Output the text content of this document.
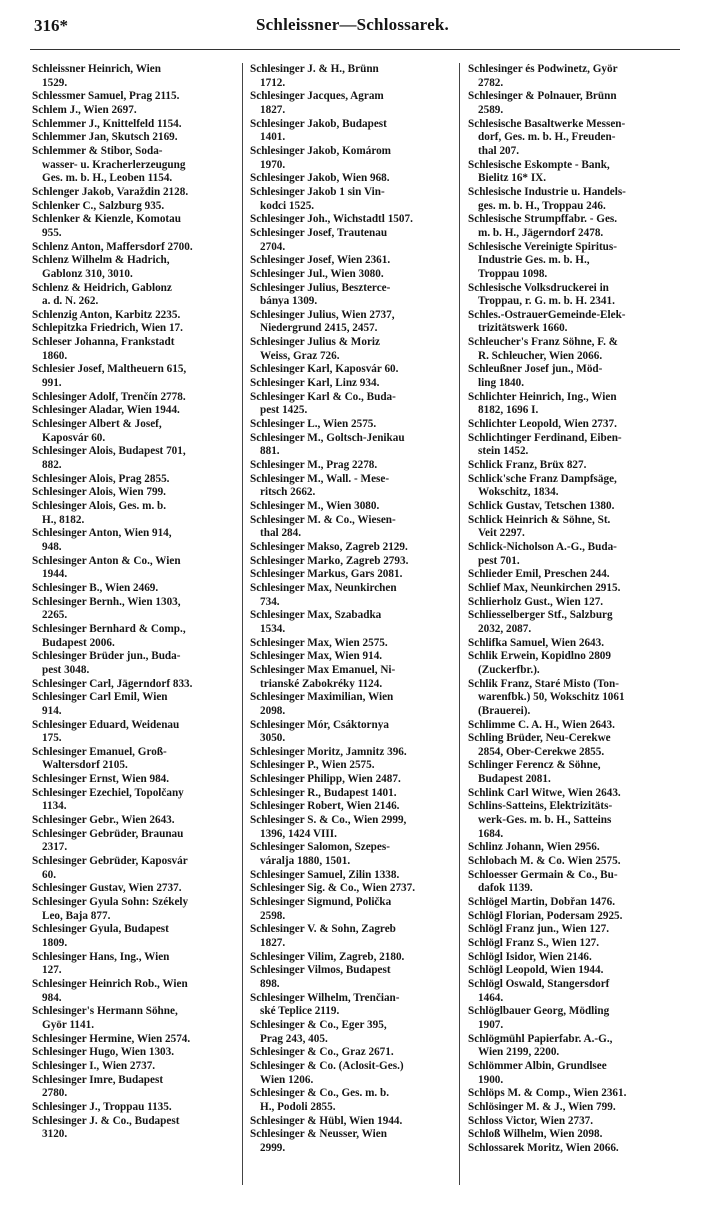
316*	Schleissner—Schlossarek.
Schleissner Heinrich, Wien
1529.
Schlessmer Samuel, Prag 2115.
Schlem J., Wien 2697.
Schlemmer J., Knittelfeld 1154.
Schlemmer Jan, Skutsch 2169.
Schlemmer & Stibor, Soda-
wasser- u. Kracherlerzeugung
Ges. m. b. H., Leoben 1154.
Schlenger Jakob, Varaždin 2128.
Schlenker C., Salzburg 935.
Schlenker & Kienzle, Komotau
955.
Schlenz Anton, Maffersdorf 2700.
Schlenz Wilhelm & Hadrich,
Gablonz 310, 3010.
Schlenz & Heidrich, Gablonz
a. d. N. 262.
Schlenzig Anton, Karbitz 2235.
Schlepitzka Friedrich, Wien 17.
Schleser Johanna, Frankstadt
1860.
Schlesier Josef, Maltheuern 615,
991.
Schlesinger Adolf, Trenčín 2778.
Schlesinger Aladar, Wien 1944.
Schlesinger Albert & Josef,
Kaposvár 60.
Schlesinger Alois, Budapest 701,
882.
Schlesinger Alois, Prag 2855.
Schlesinger Alois, Wien 799.
Schlesinger Alois, Ges. m. b.
H., 8182.
Schlesinger Anton, Wien 914,
948.
Schlesinger Anton & Co., Wien
1944.
Schlesinger B., Wien 2469.
Schlesinger Bernh., Wien 1303,
2265.
Schlesinger Bernhard & Comp.,
Budapest 2006.
Schlesinger Brüder jun., Buda-
pest 3048.
Schlesinger Carl, Jägerndorf 833.
Schlesinger Carl Emil, Wien
914.
Schlesinger Eduard, Weidenau
175.
Schlesinger Emanuel, Groß-
Waltersdorf 2105.
Schlesinger Ernst, Wien 984.
Schlesinger Ezechiel, Topolčany
1134.
Schlesinger Gebr., Wien 2643.
Schlesinger Gebrüder, Braunau
2317.
Schlesinger Gebrüder, Kaposvár
60.
Schlesinger Gustav, Wien 2737.
Schlesinger Gyula Sohn: Székely
Leo, Baja 877.
Schlesinger Gyula, Budapest
1809.
Schlesinger Hans, Ing., Wien
127.
Schlesinger Heinrich Rob., Wien
984.
Schlesinger's Hermann Söhne,
Györ 1141.
Schlesinger Hermine, Wien 2574.
Schlesinger Hugo, Wien 1303.
Schlesinger I., Wien 2737.
Schlesinger Imre, Budapest
2780.
Schlesinger J., Troppau 1135.
Schlesinger J. & Co., Budapest
3120.
Schlesinger J. & H., Brünn
1712.
Schlesinger Jacques, Agram
1827.
Schlesinger Jakob, Budapest
1401.
Schlesinger Jakob, Komárom
1970.
Schlesinger Jakob, Wien 968.
Schlesinger Jakob 1 sin Vin-
kodci 1525.
Schlesinger Joh., Wichstadtl 1507.
Schlesinger Josef, Trautenau
2704.
Schlesinger Josef, Wien 2361.
Schlesinger Jul., Wien 3080.
Schlesinger Julius, Beszterce-
bánya 1309.
Schlesinger Julius, Wien 2737,
Niedergrund 2415, 2457.
Schlesinger Julius & Moriz
Weiss, Graz 726.
Schlesinger Karl, Kaposvár 60.
Schlesinger Karl, Linz 934.
Schlesinger Karl & Co., Buda-
pest 1425.
Schlesinger L., Wien 2575.
Schlesinger M., Goltsch-Jenikau
881.
Schlesinger M., Prag 2278.
Schlesinger M., Wall. - Mese-
ritsch 2662.
Schlesinger M., Wien 3080.
Schlesinger M. & Co., Wiesen-
thal 284.
Schlesinger Makso, Zagreb 2129.
Schlesinger Marko, Zagreb 2793.
Schlesinger Markus, Gars 2081.
Schlesinger Max, Neunkirchen
734.
Schlesinger Max, Szabadka
1534.
Schlesinger Max, Wien 2575.
Schlesinger Max, Wien 914.
Schlesinger Max Emanuel, Ni-
trianské Zabokréky 1124.
Schlesinger Maximilian, Wien
2098.
Schlesinger Mór, Csáktornya
3050.
Schlesinger Moritz, Jamnitz 396.
Schlesinger P., Wien 2575.
Schlesinger Philipp, Wien 2487.
Schlesinger R., Budapest 1401.
Schlesinger Robert, Wien 2146.
Schlesinger S. & Co., Wien 2999,
1396, 1424 VIII.
Schlesinger Salomon, Szepes-
váralja 1880, 1501.
Schlesinger Samuel, Zilin 1338.
Schlesinger Sig. & Co., Wien 2737.
Schlesinger Sigmund, Polička
2598.
Schlesinger V. & Sohn, Zagreb
1827.
Schlesinger Vilim, Zagreb, 2180.
Schlesinger Vilmos, Budapest
898.
Schlesinger Wilhelm, Trenčian-
ské Teplice 2119.
Schlesinger & Co., Eger 395,
Prag 243, 405.
Schlesinger & Co., Graz 2671.
Schlesinger & Co. (Aclosit-Ges.)
Wien 1206.
Schlesinger & Co., Ges. m. b.
H., Podoli 2855.
Schlesinger & Hübl, Wien 1944.
Schlesinger & Neusser, Wien
2999.
Schlesinger és Podwinetz, Györ
2782.
Schlesinger & Polnauer, Brünn
2589.
Schlesische Basaltwerke Messen-
dorf, Ges. m. b. H., Freuden-
thal 207.
Schlesische Eskompte - Bank,
Bielitz 16* IX.
Schlesische Industrie u. Handels-
ges. m. b. H., Troppau 246.
Schlesische Strumpffabr. - Ges.
m. b. H., Jägerndorf 2478.
Schlesische Vereinigte Spiritus-
Industrie Ges. m. b. H.,
Troppau 1098.
Schlesische Volksdruckerei in
Troppau, r. G. m. b. H. 2341.
Schles.-OstrauerGemeinde-Elek-
trizitätswerk 1660.
Schleucher's Franz Söhne, F. &
R. Schleucher, Wien 2066.
Schleußner Josef jun., Möd-
ling 1840.
Schlichter Heinrich, Ing., Wien
8182, 1696 I.
Schlichter Leopold, Wien 2737.
Schlichtinger Ferdinand, Eiben-
stein 1452.
Schlick Franz, Brüx 827.
Schlick'sche Franz Dampfsäge,
Wokschitz, 1834.
Schlick Gustav, Tetschen 1380.
Schlick Heinrich & Söhne, St.
Veit 2297.
Schlick-Nicholson A.-G., Buda-
pest 701.
Schlieder Emil, Preschen 244.
Schlief Max, Neunkirchen 2915.
Schlierholz Gust., Wien 127.
Schliesselberger Stf., Salzburg
2032, 2087.
Schlifka Samuel, Wien 2643.
Schlik Erwein, Kopidlno 2809
(Zuckerfbr.).
Schlik Franz, Staré Misto (Ton-
warenfbk.) 50, Wokschitz 1061
(Brauerei).
Schlimme C. A. H., Wien 2643.
Schling Brüder, Neu-Cerekwe
2854, Ober-Cerekwe 2855.
Schlinger Ferencz & Söhne,
Budapest 2081.
Schlink Carl Witwe, Wien 2643.
Schlins-Satteins, Elektrizitäts-
werk-Ges. m. b. H., Satteins
1684.
Schlinz Johann, Wien 2956.
Schlobach M. & Co. Wien 2575.
Schloesser Germain & Co., Bu-
dafok 1139.
Schlögel Martin, Dobřan 1476.
Schlögl Florian, Podersam 2925.
Schlögl Franz jun., Wien 127.
Schlögl Franz S., Wien 127.
Schlögl Isidor, Wien 2146.
Schlögl Leopold, Wien 1944.
Schlögl Oswald, Stangersdorf
1464.
Schlöglbauer Georg, Mödling
1907.
Schlögmühl Papierfabr. A.-G.,
Wien 2199, 2200.
Schlömmer Albin, Grundlsee
1900.
Schlöps M. & Comp., Wien 2361.
Schlösinger M. & J., Wien 799.
Schloss Victor, Wien 2737.
Schloß Wilhelm, Wien 2098.
Schlossarek Moritz, Wien 2066.
